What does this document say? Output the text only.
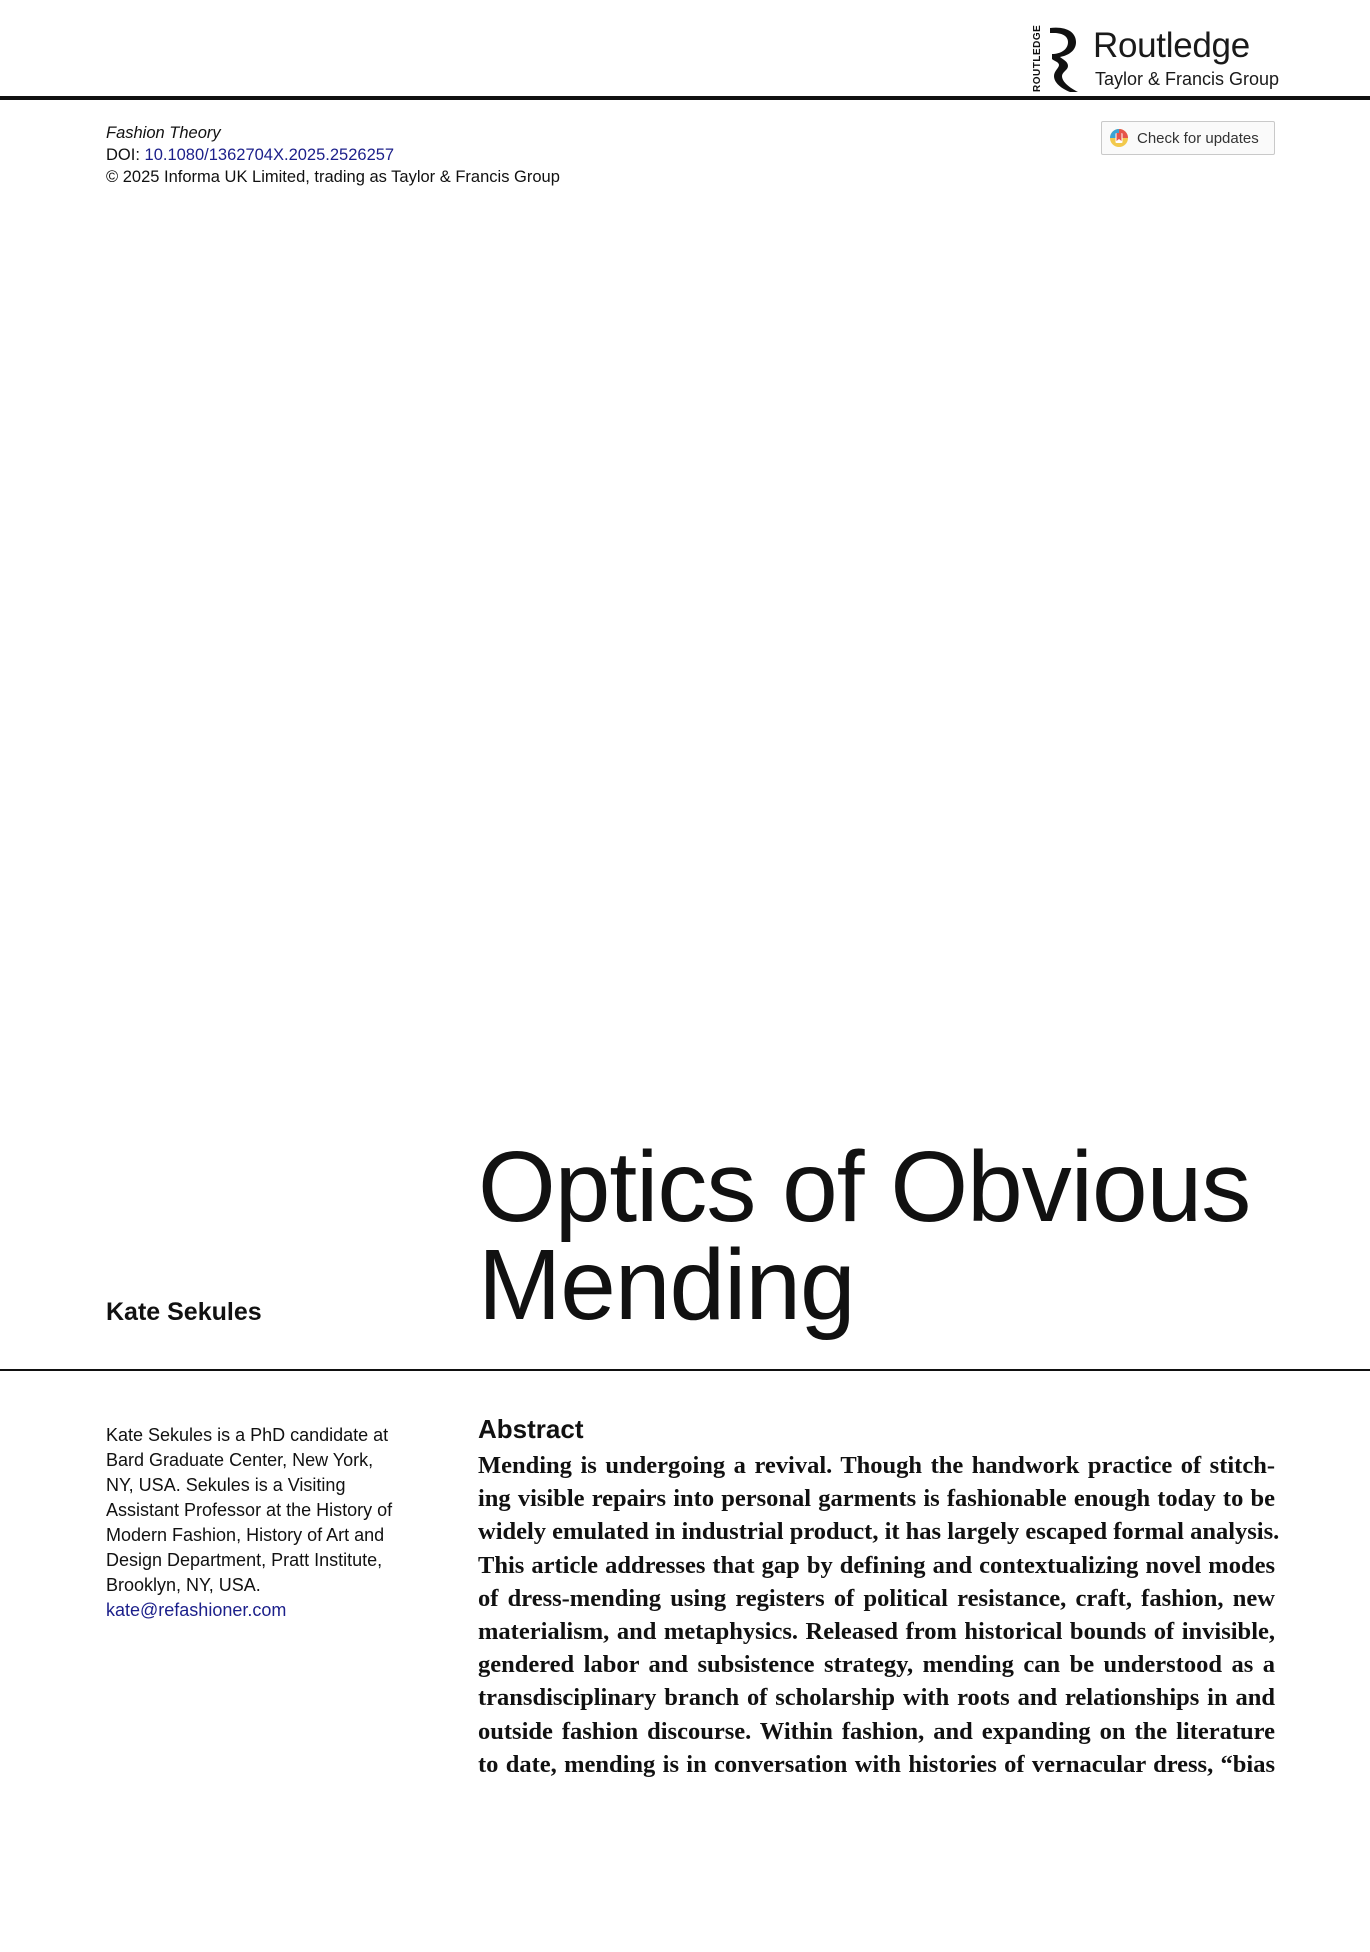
ROUTLEDGE Routledge
Taylor & Francis Group
Fashion Theory
DOI: 10.1080/1362704X.2025.2526257
© 2025 Informa UK Limited, trading as Taylor & Francis Group
Check for updates
Optics of Obvious
Mending
Kate Sekules
Kate Sekules is a PhD candidate at
Bard Graduate Center, New York,
NY, USA. Sekules is a Visiting
Assistant Professor at the History of
Modern Fashion, History of Art and
Design Department, Pratt Institute,
Brooklyn, NY, USA.
kate@refashioner.com
Abstract
Mending is undergoing a revival. Though the handwork practice of stitch-
ing visible repairs into personal garments is fashionable enough today to be
widely emulated in industrial product, it has largely escaped formal analysis.
This article addresses that gap by defining and contextualizing novel modes
of dress-mending using registers of political resistance, craft, fashion, new
materialism, and metaphysics. Released from historical bounds of invisible,
gendered labor and subsistence strategy, mending can be understood as a
transdisciplinary branch of scholarship with roots and relationships in and
outside fashion discourse. Within fashion, and expanding on the literature
to date, mending is in conversation with histories of vernacular dress, “bias
